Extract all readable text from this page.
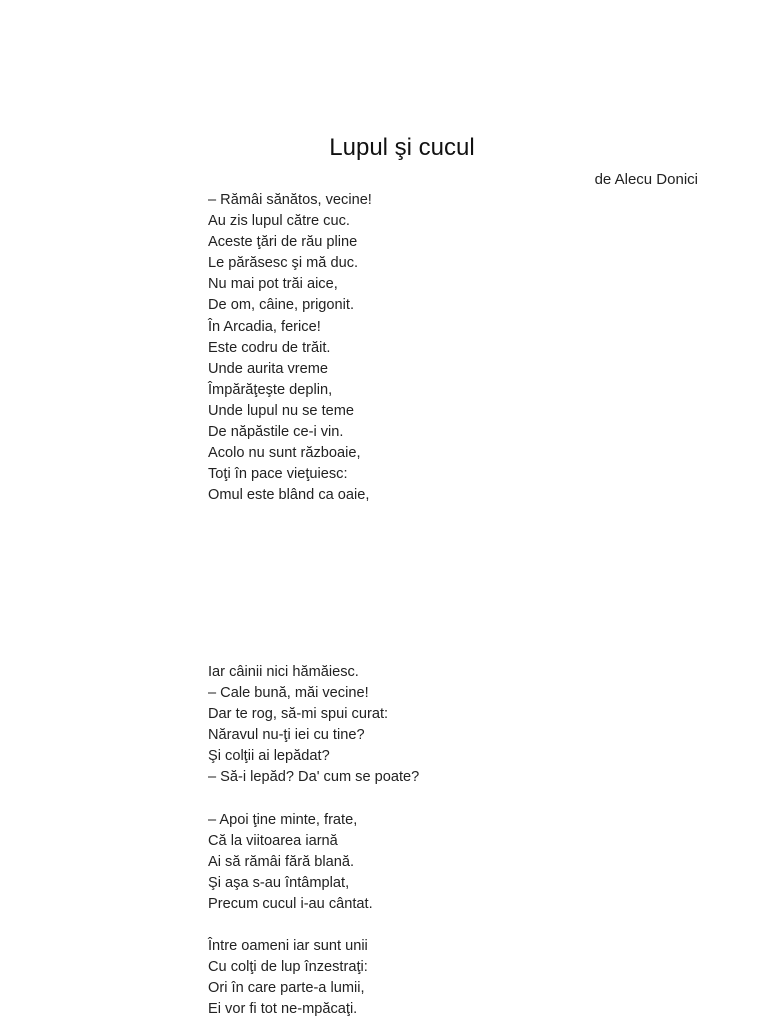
Lupul şi cucul
de Alecu Donici
– Rămâi sănătos, vecine!
Au zis lupul către cuc.
Aceste ţări de rău pline
Le părăsesc şi mă duc.
Nu mai pot trăi aice,
De om, câine, prigonit.
În Arcadia, ferice!
Este codru de trăit.
Unde aurita vreme
Împărăţeşte deplin,
Unde lupul nu se teme
De năpăstile ce-i vin.
Acolo nu sunt războaie,
Toţi în pace vieţuiesc:
Omul este blând ca oaie,
Iar câinii nici hămăiesc.
– Cale bună, măi vecine!
Dar te rog, să-mi spui curat:
Năravul nu-ţi iei cu tine?
Şi colţii ai lepădat?
– Să-i lepăd? Da' cum se poate?
– Apoi ţine minte, frate,
Că la viitoarea iarnă
Ai să rămâi fără blană.
Şi aşa s-au întâmplat,
Precum cucul i-au cântat.
Între oameni iar sunt unii
Cu colţi de lup înzestraţi:
Ori în care parte-a lumii,
Ei vor fi tot ne-mpăcaţi.
